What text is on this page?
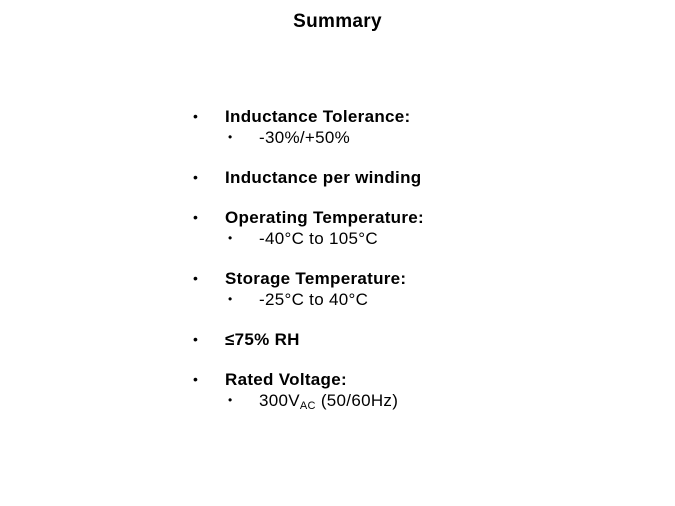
Summary
•	Inductance Tolerance:
• -30%/+50%
•	Inductance per winding
•	Operating Temperature:
• -40°C to 105°C
•	Storage Temperature:
• -25°C to 40°C
•	≤75% RH
•	Rated Voltage:
• $300V_{AC}$ (50/60Hz)
